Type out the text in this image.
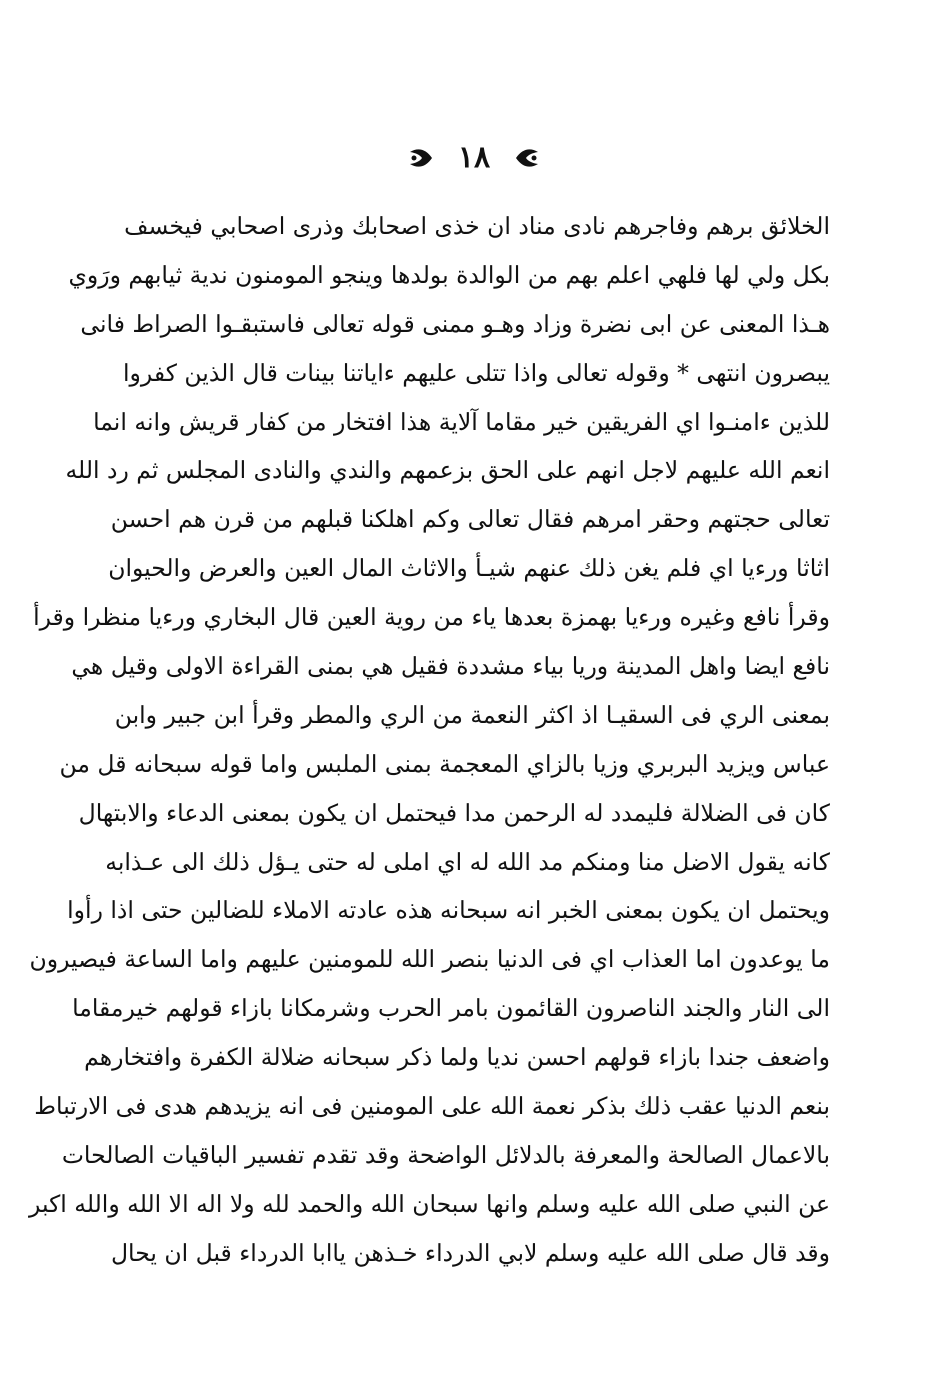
١٨
الخلائق برهم وفاجرهم نادى مناد ان خذى اصحابك وذرى اصحابي فيخسف
بكل ولي لها فلهي اعلم بهم من الوالدة بولدها وينجو المومنون ندية ثيابهم ورَوي
هـذا المعنى عن ابى نضرة وزاد وهـو ممنى قوله تعالى فاستبقـوا الصراط فانى
يبصرون انتهى * وقوله تعالى واذا تتلى عليهم ءاياتنا بينات قال الذين كفروا
للذين ءامنـوا اي الفريقين خير مقاما آلاية هذا افتخار من كفار قريش وانه انما
انعم الله عليهم لاجل انهم على الحق بزعمهم والندي والنادى المجلس ثم رد الله
تعالى حجتهم وحقر امرهم فقال تعالى وكم اهلكنا قبلهم من قرن هم احسن
اثاثا ورءيا اي فلم يغن ذلك عنهم شيـأ والاثاث المال العين والعرض والحيوان
وقرأ نافع وغيره ورءيا بهمزة بعدها ياء من روية العين قال البخاري ورءيا منظرا وقرأ
نافع ايضا واهل المدينة وريا بياء مشددة فقيل هي بمنى القراءة الاولى وقيل هي
بمعنى الري فى السقيـا اذ اكثر النعمة من الري والمطر وقرأ ابن جبير وابن
عباس ويزيد البربري وزيا بالزاي المعجمة بمنى الملبس واما قوله سبحانه قل من
كان فى الضلالة فليمدد له الرحمن مدا فيحتمل ان يكون بمعنى الدعاء والابتهال
كانه يقول الاضل منا ومنكم مد الله له اي املى له حتى يـؤل ذلك الى عـذابه
ويحتمل ان يكون بمعنى الخبر انه سبحانه هذه عادته الاملاء للضالين حتى اذا رأوا
ما يوعدون اما العذاب اي فى الدنيا بنصر الله للمومنين عليهم واما الساعة فيصيرون
الى النار والجند الناصرون القائمون بامر الحرب وشرمكانا بازاء قولهم خيرمقاما
واضعف جندا بازاء قولهم احسن نديا ولما ذكر سبحانه ضلالة الكفرة وافتخارهم
بنعم الدنيا عقب ذلك بذكر نعمة الله على المومنين فى انه يزيدهم هدى فى الارتباط
بالاعمال الصالحة والمعرفة بالدلائل الواضحة وقد تقدم تفسير الباقيات الصالحات
عن النبي صلى الله عليه وسلم وانها سبحان الله والحمد لله ولا اله الا الله والله اكبر
وقد قال صلى الله عليه وسلم لابي الدرداء خـذهن ياابا الدرداء قبل ان يحال
